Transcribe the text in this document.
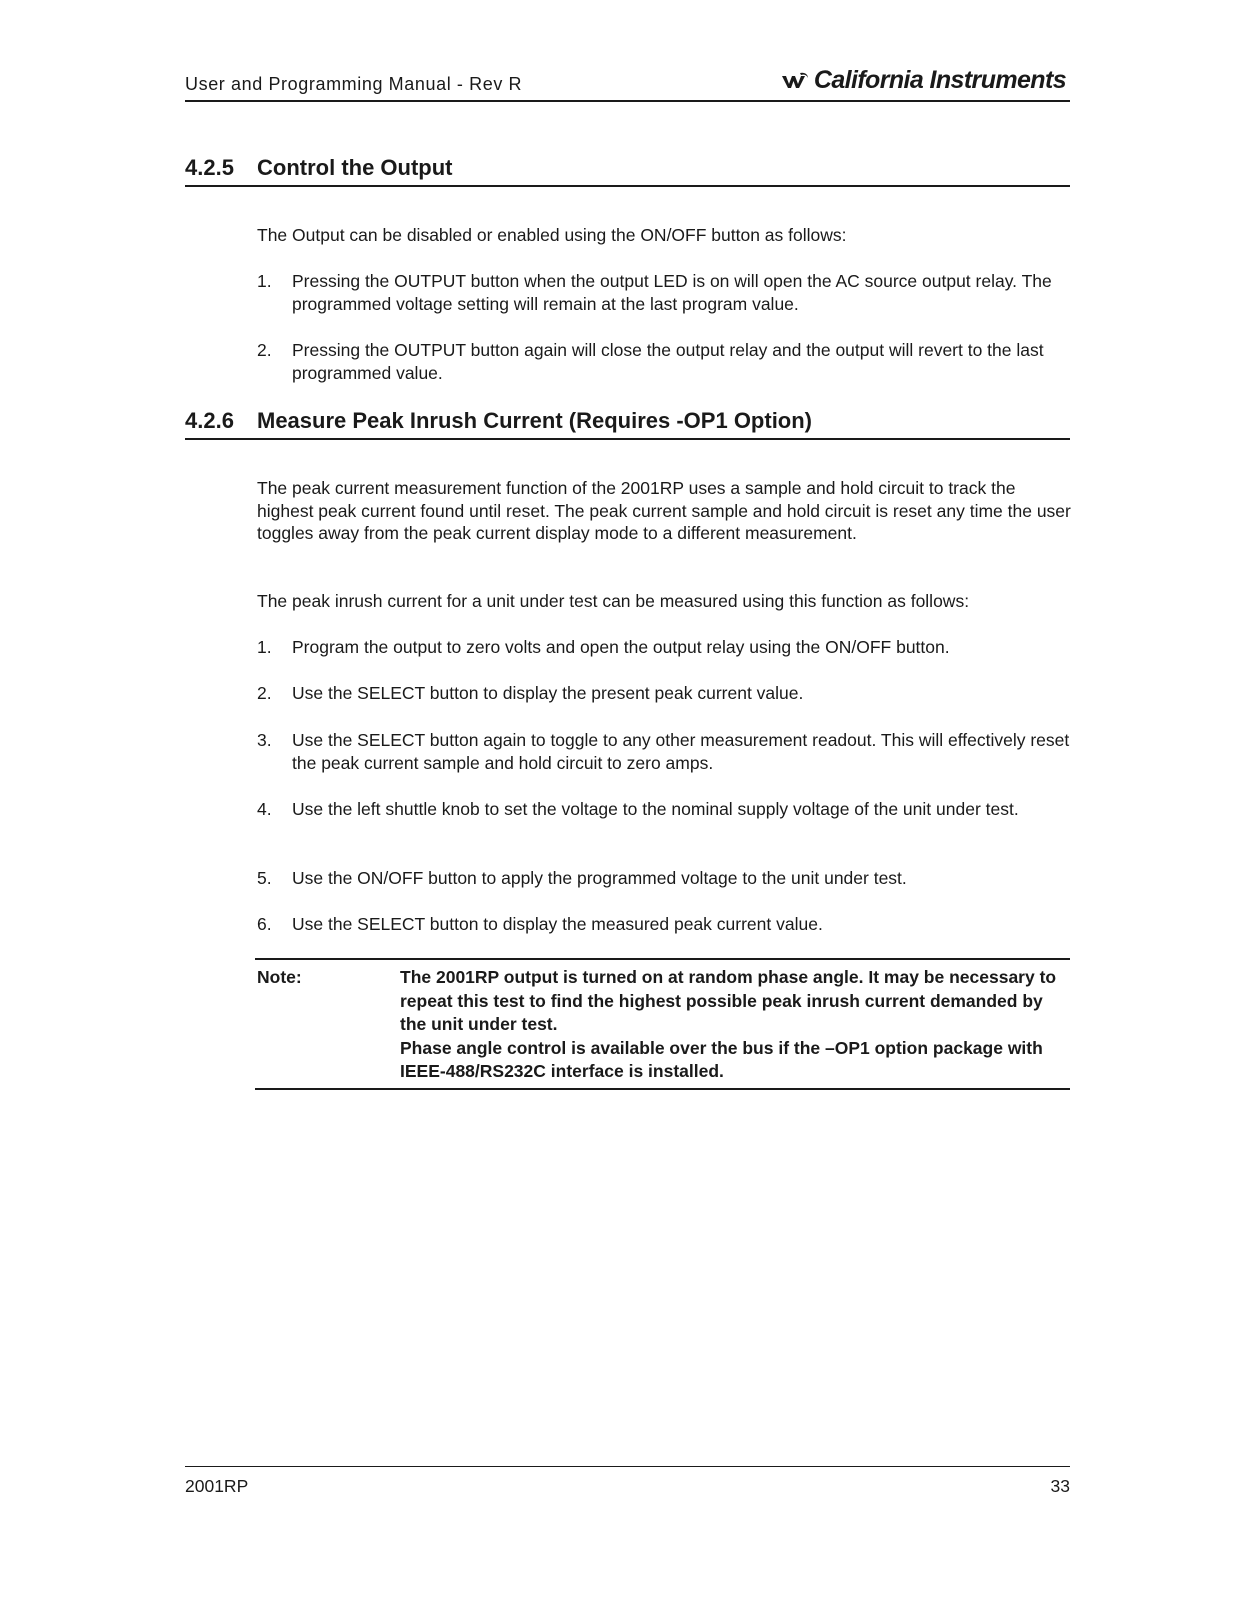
User and Programming Manual - Rev R	California Instruments
4.2.5	Control the Output
The Output can be disabled or enabled using the ON/OFF button as follows:
1.	Pressing the OUTPUT button when the output LED is on will open the AC source output relay. The programmed voltage setting will remain at the last program value.
2.	Pressing the OUTPUT button again will close the output relay and the output will revert to the last programmed value.
4.2.6	Measure Peak Inrush Current (Requires -OP1 Option)
The peak current measurement function of the 2001RP uses a sample and hold circuit to track the highest peak current found until reset. The peak current sample and hold circuit is reset any time the user toggles away from the peak current display mode to a different measurement.
The peak inrush current for a unit under test can be measured using this function as follows:
1.	Program the output to zero volts and open the output relay using the ON/OFF button.
2.	Use the SELECT button to display the present peak current value.
3.	Use the SELECT button again to toggle to any other measurement readout. This will effectively reset the peak current sample and hold circuit to zero amps.
4.	Use the left shuttle knob to set the voltage to the nominal supply voltage of the unit under test.
5.	Use the ON/OFF button to apply the programmed voltage to the unit under test.
6.	Use the SELECT button to display the measured peak current value.
Note:	The 2001RP output is turned on at random phase angle. It may be necessary to repeat this test to find the highest possible peak inrush current demanded by the unit under test.
Phase angle control is available over the bus if the –OP1 option package with IEEE-488/RS232C interface is installed.
2001RP	33
